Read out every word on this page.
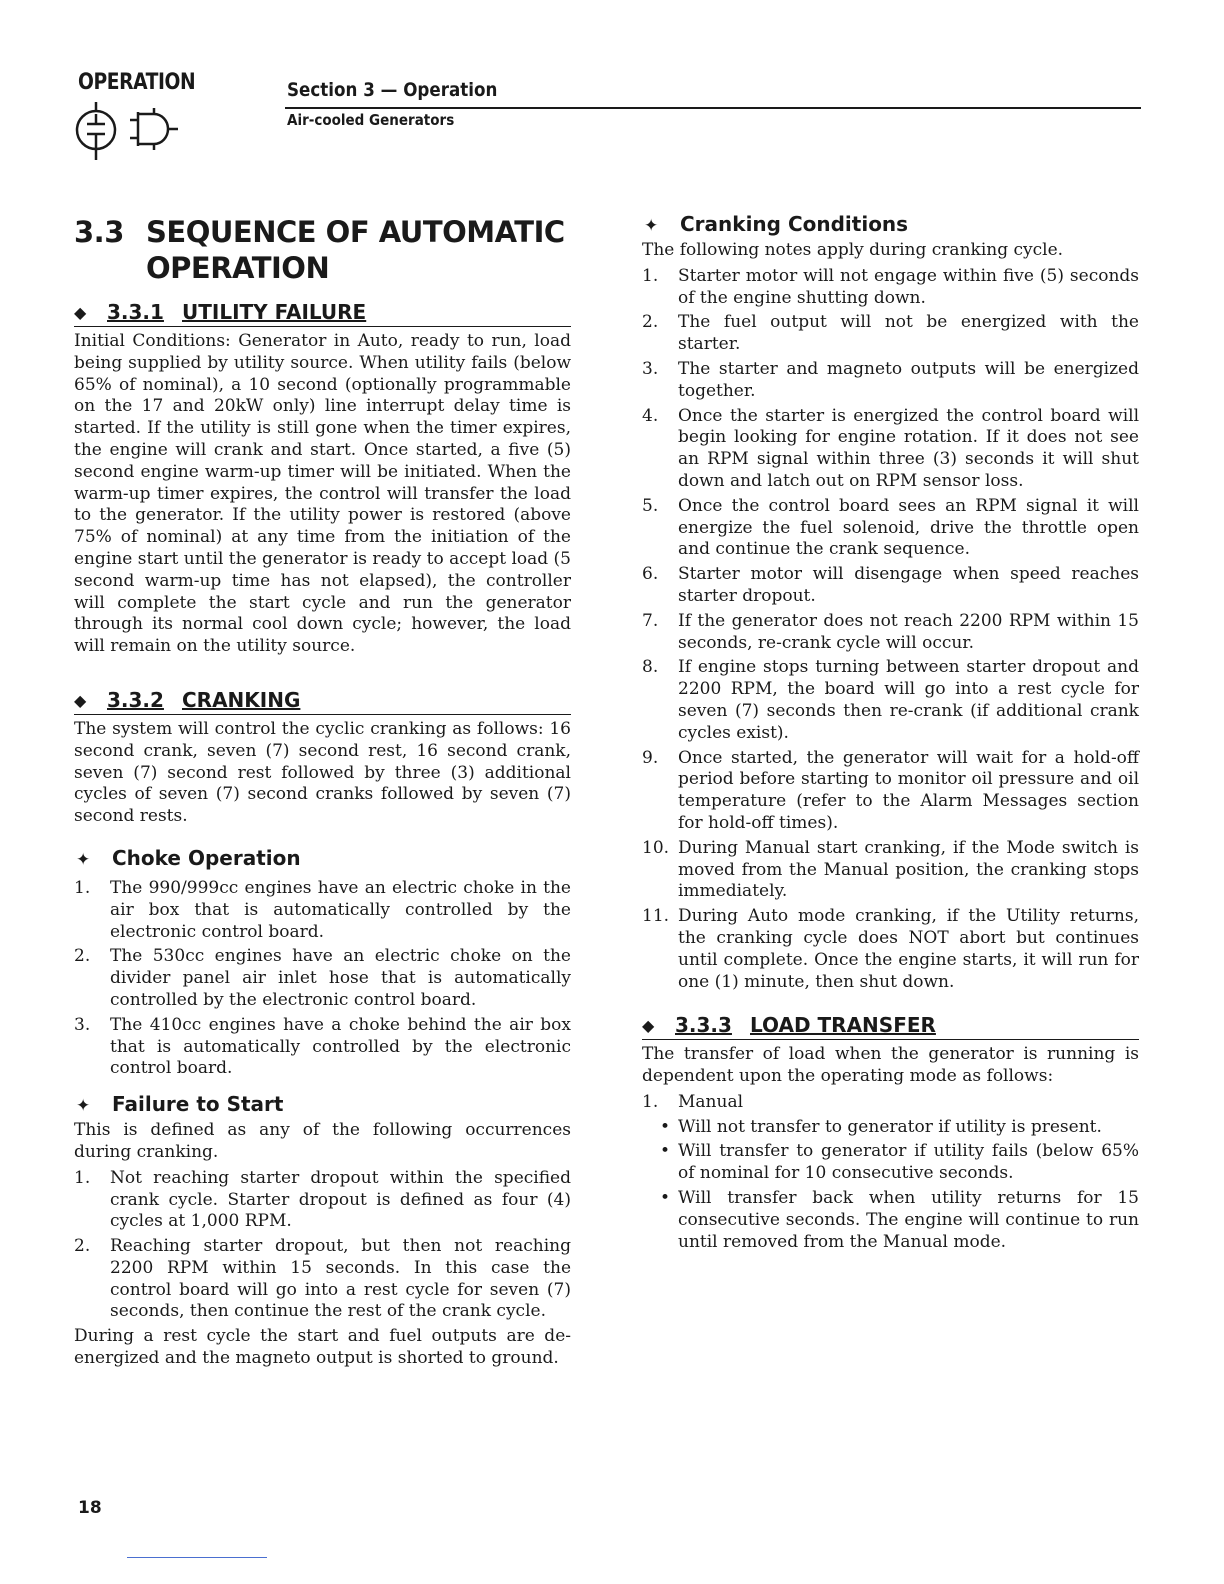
OPERATION	Section 3 — Operation
Air-cooled Generators
3.3 SEQUENCE OF AUTOMATIC OPERATION
◆ 3.3.1 UTILITY FAILURE

Initial Conditions: Generator in Auto, ready to run, load being supplied by utility source. When utility fails (below 65% of nominal), a 10 second (optionally programmable on the 17 and 20kW only) line interrupt delay time is started. If the utility is still gone when the timer expires, the engine will crank and start. Once started, a five (5) second engine warm-up timer will be initiated. When the warm-up timer expires, the control will transfer the load to the generator. If the utility power is restored (above 75% of nominal) at any time from the initiation of the engine start until the generator is ready to accept load (5 second warm-up time has not elapsed), the controller will complete the start cycle and run the generator through its normal cool down cycle; however, the load will remain on the utility source.

◆ 3.3.2 CRANKING

The system will control the cyclic cranking as follows: 16 second crank, seven (7) second rest, 16 second crank, seven (7) second rest followed by three (3) additional cycles of seven (7) second cranks followed by seven (7) second rests.

✦	Choke Operation
1.	The 990/999cc engines have an electric choke in the air box that is automatically controlled by the electronic control board.
2.	The 530cc engines have an electric choke on the divider panel air inlet hose that is automatically controlled by the electronic control board.
3.	The 410cc engines have a choke behind the air box that is automatically controlled by the electronic control board.
✦	Failure to Start

This is defined as any of the following occurrences during cranking.

1.	Not reaching starter dropout within the specified crank cycle. Starter dropout is defined as four (4) cycles at 1,000 RPM.
2.	Reaching starter dropout, but then not reaching 2200 RPM within 15 seconds. In this case the control board will go into a rest cycle for seven (7) seconds, then continue the rest of the crank cycle.

During a rest cycle the start and fuel outputs are de-energized and the magneto output is shorted to ground.

✦	Cranking Conditions

The following notes apply during cranking cycle.

1.	Starter motor will not engage within five (5) seconds of the engine shutting down.
2.	The fuel output will not be energized with the starter.
3.	The starter and magneto outputs will be energized together.
4.	Once the starter is energized the control board will begin looking for engine rotation. If it does not see an RPM signal within three (3) seconds it will shut down and latch out on RPM sensor loss.
5.	Once the control board sees an RPM signal it will energize the fuel solenoid, drive the throttle open and continue the crank sequence.
6.	Starter motor will disengage when speed reaches starter dropout.
7.	If the generator does not reach 2200 RPM within 15 seconds, re-crank cycle will occur.
8.	If engine stops turning between starter dropout and 2200 RPM, the board will go into a rest cycle for seven (7) seconds then re-crank (if additional crank cycles exist).
9.	Once started, the generator will wait for a hold-off period before starting to monitor oil pressure and oil temperature (refer to the Alarm Messages section for hold-off times).
10. During Manual start cranking, if the Mode switch is moved from the Manual position, the cranking stops immediately.
11. During Auto mode cranking, if the Utility returns, the cranking cycle does NOT abort but continues until complete. Once the engine starts, it will run for one (1) minute, then shut down.
◆ 3.3.3 LOAD TRANSFER

The transfer of load when the generator is running is dependent upon the operating mode as follows:

1.	Manual
• Will not transfer to generator if utility is present.
• Will transfer to generator if utility fails (below 65% of nominal for 10 consecutive seconds.
• Will transfer back when utility returns for 15 consecutive seconds. The engine will continue to run until removed from the Manual mode.
18
